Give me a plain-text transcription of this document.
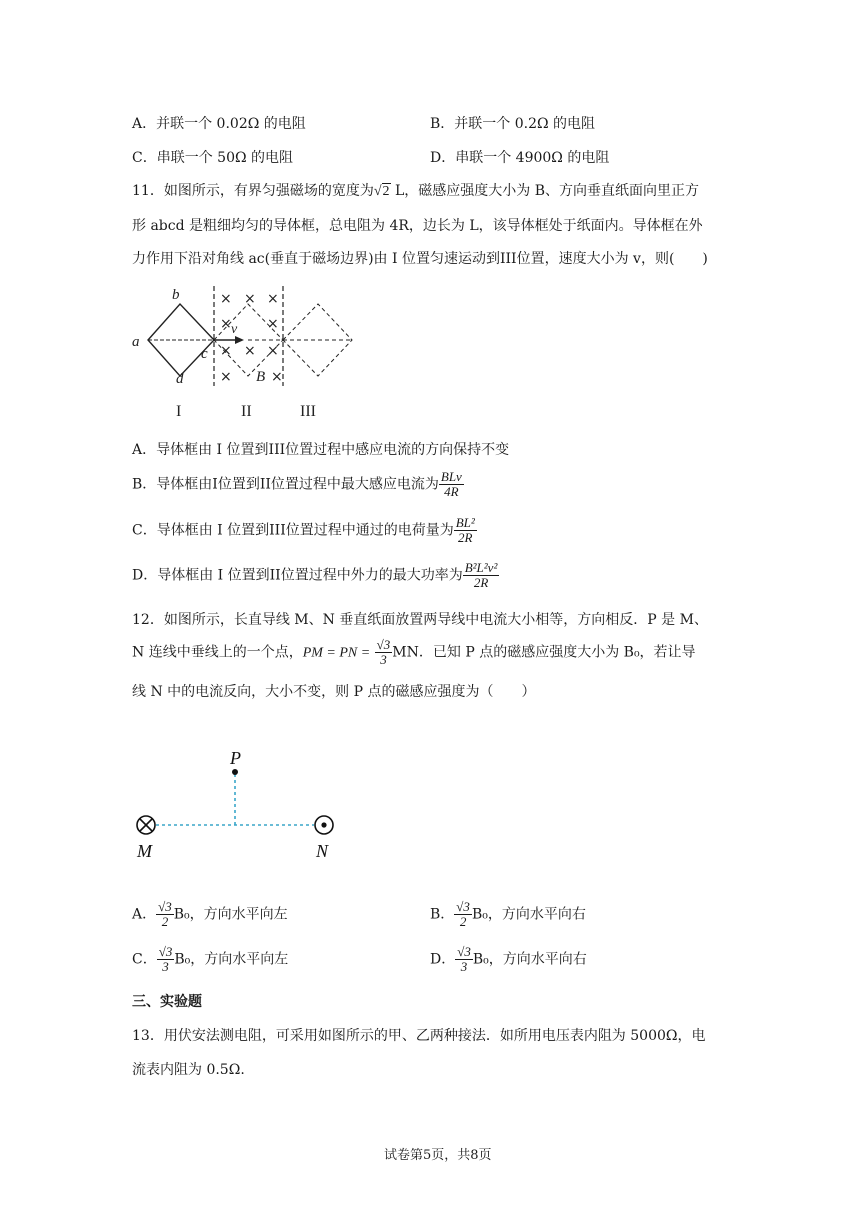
A．并联一个 0.02Ω 的电阻	B．并联一个 0.2Ω 的电阻
C．串联一个 50Ω 的电阻	D．串联一个 4900Ω 的电阻
11．如图所示，有界匀强磁场的宽度为√2 L，磁感应强度大小为 B、方向垂直纸面向里正方
形 abcd 是粗细均匀的导体框，总电阻为 4R，边长为 L，该导体框处于纸面内。导体框在外
力作用下沿对角线 ac(垂直于磁场边界)由 I 位置匀速运动到III位置，速度大小为 v，则(　　)
× × ×
×	×
× × ×
×	×
b
a
c
d
v
B
I	II	III
A．导体框由 I 位置到III位置过程中感应电流的方向保持不变
B．导体框由I位置到II位置过程中最大感应电流为 $\frac{\text{BLv}}{4R}$
C．导体框由 I 位置到III位置过程中通过的电荷量为 $\frac{\text{BL²}}{2R}$
D．导体框由 I 位置到II位置过程中外力的最大功率为 $\frac{\text{B²L²v²}}{2R}$
12．如图所示，长直导线 M、N 垂直纸面放置两导线中电流大小相等，方向相反．P 是 M、
N 连线中垂线上的一个点，PM = PN = $\frac{√3}{3}$ MN．已知 P 点的磁感应强度大小为 B₀，若让导
线 N 中的电流反向，大小不变，则 P 点的磁感应强度为（　　）
P
M	N
A． $\frac{√3}{2} B_0$，方向水平向左	B． $\frac{√3}{2} B_0$，方向水平向右
C． $\frac{√3}{3} B_0$，方向水平向左	D． $\frac{√3}{3} B_0$，方向水平向右
三、实验题
13．用伏安法测电阻，可采用如图所示的甲、乙两种接法．如所用电压表内阻为 5000Ω，电
流表内阻为 0.5Ω.
试卷第5页，共8页
